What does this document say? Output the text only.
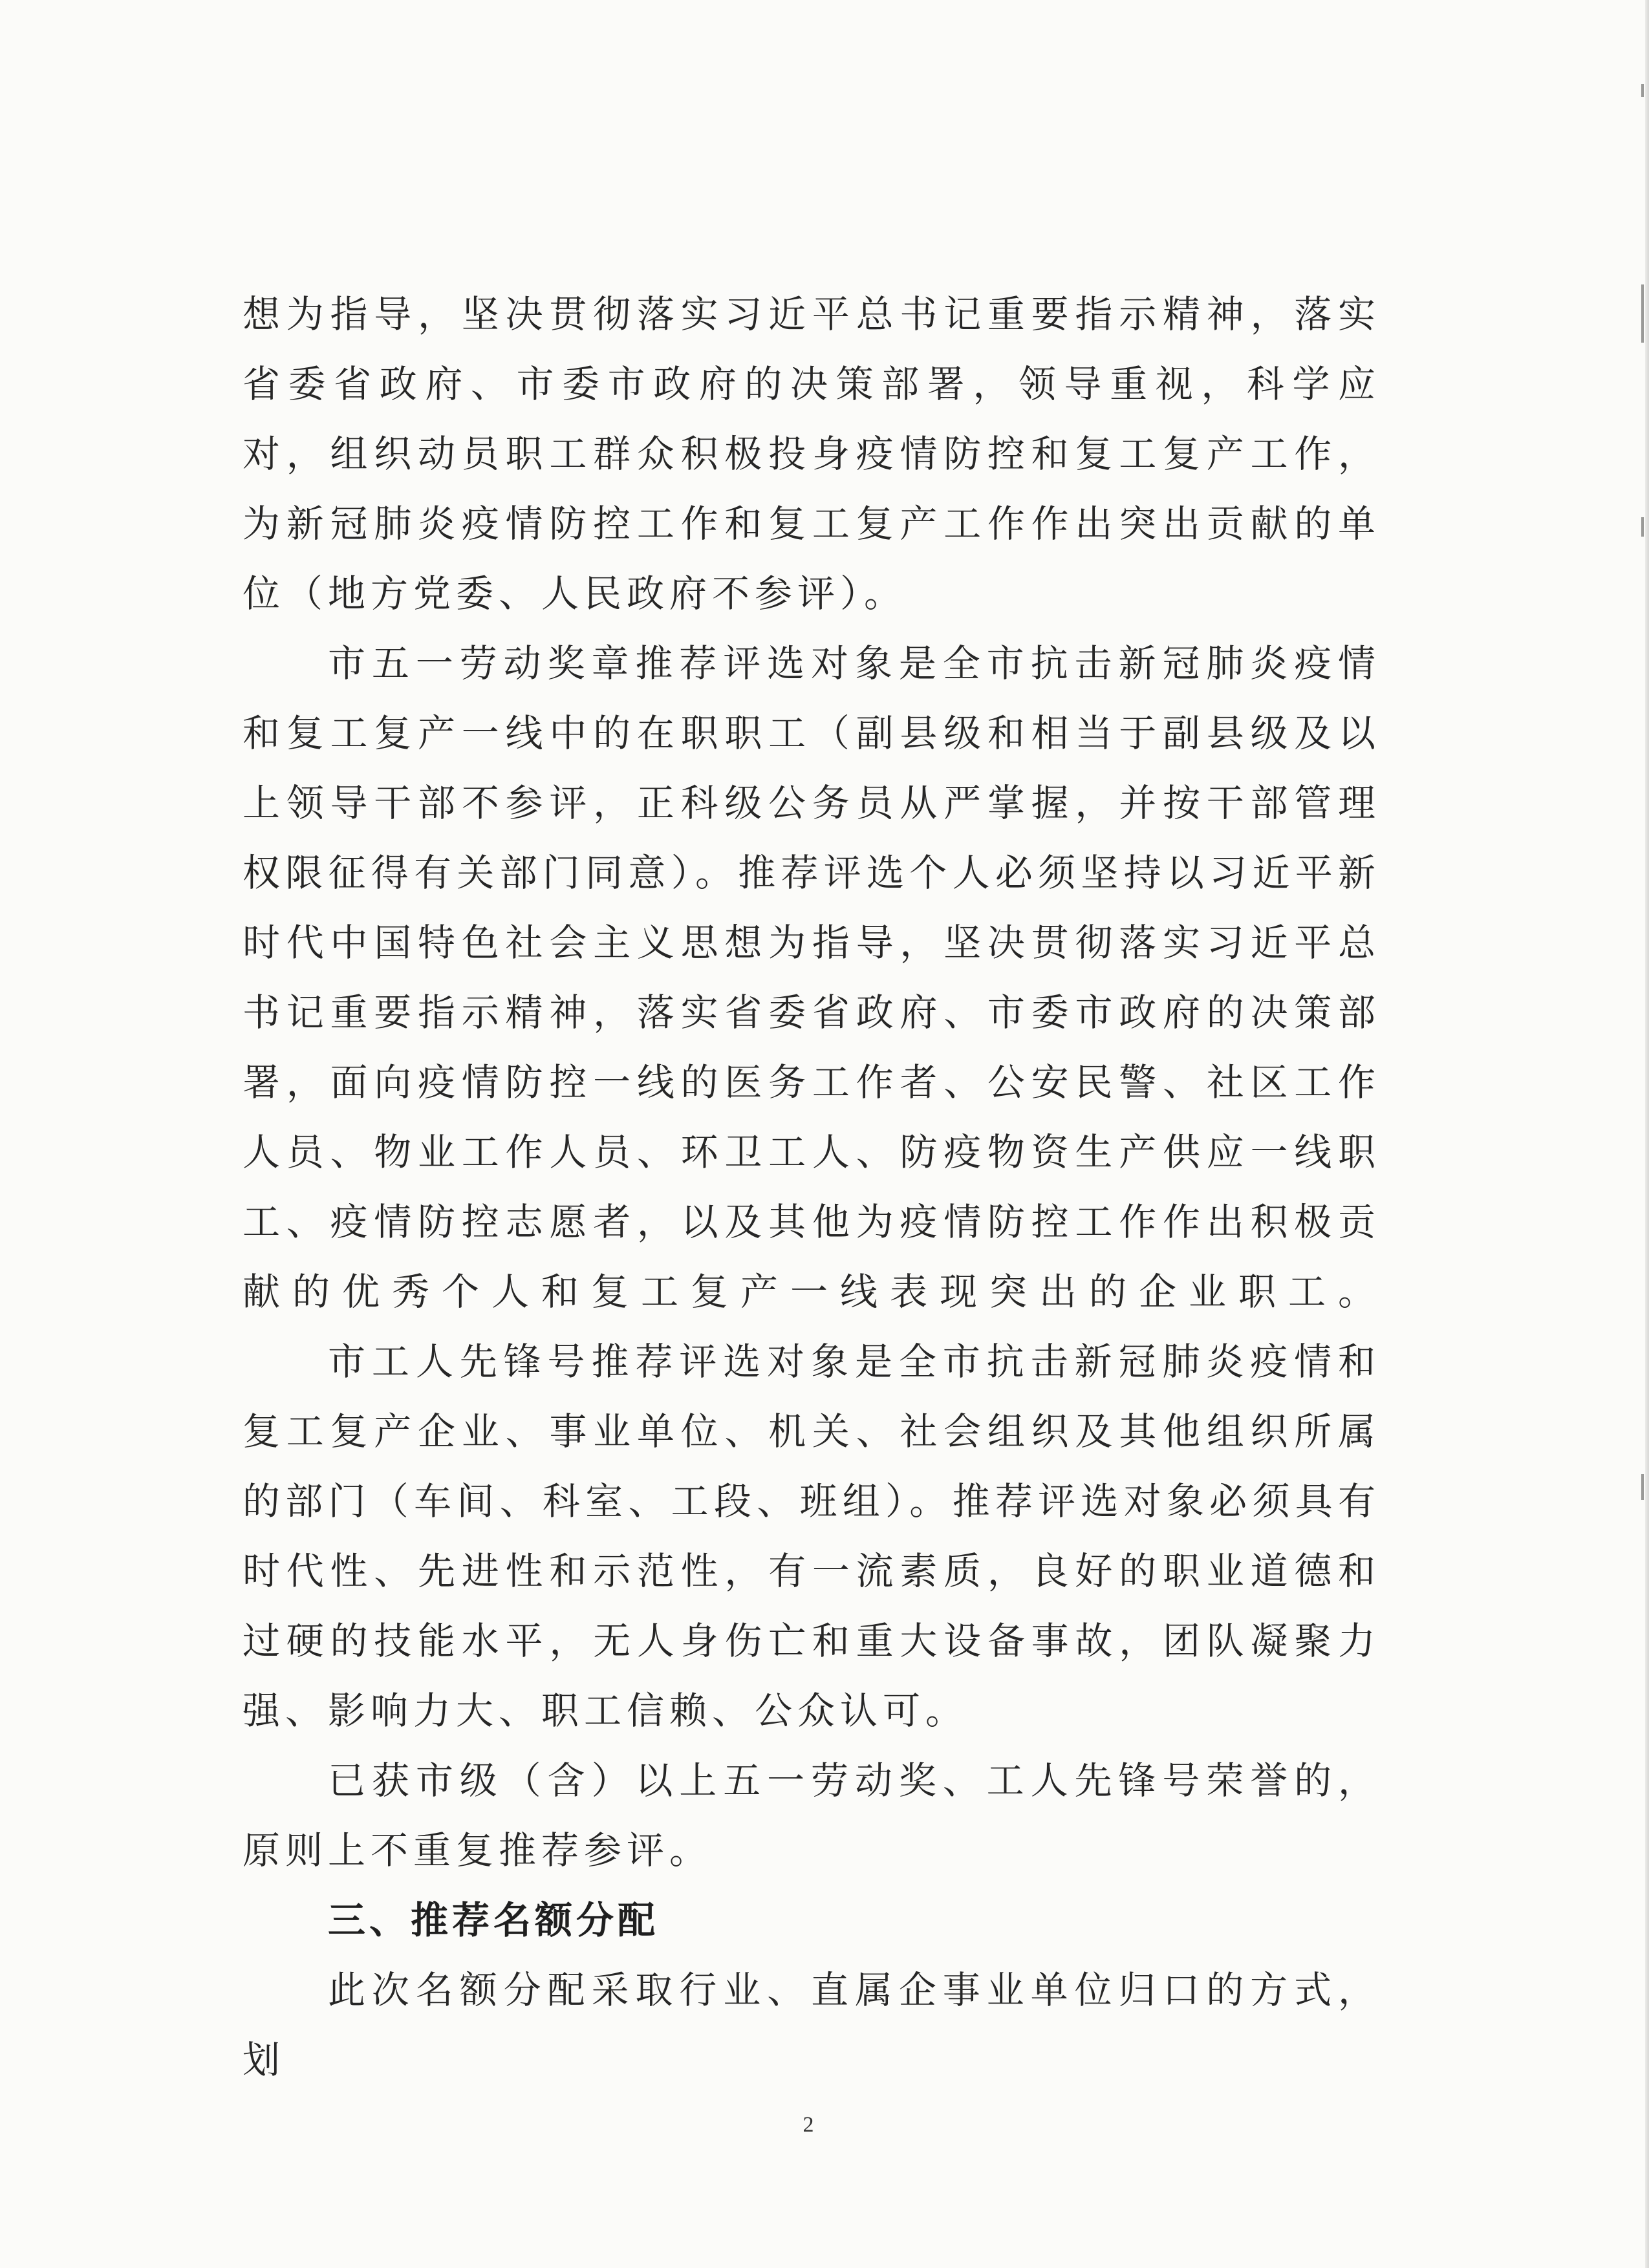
想为指导，坚决贯彻落实习近平总书记重要指示精神，落实省委省政府、市委市政府的决策部署，领导重视，科学应对，组织动员职工群众积极投身疫情防控和复工复产工作，为新冠肺炎疫情防控工作和复工复产工作作出突出贡献的单位（地方党委、人民政府不参评）。

市五一劳动奖章推荐评选对象是全市抗击新冠肺炎疫情和复工复产一线中的在职职工（副县级和相当于副县级及以上领导干部不参评，正科级公务员从严掌握，并按干部管理权限征得有关部门同意）。推荐评选个人必须坚持以习近平新时代中国特色社会主义思想为指导，坚决贯彻落实习近平总书记重要指示精神，落实省委省政府、市委市政府的决策部署，面向疫情防控一线的医务工作者、公安民警、社区工作人员、物业工作人员、环卫工人、防疫物资生产供应一线职工、疫情防控志愿者，以及其他为疫情防控工作作出积极贡献的优秀个人和复工复产一线表现突出的企业职工。

市工人先锋号推荐评选对象是全市抗击新冠肺炎疫情和复工复产企业、事业单位、机关、社会组织及其他组织所属的部门（车间、科室、工段、班组）。推荐评选对象必须具有时代性、先进性和示范性，有一流素质，良好的职业道德和过硬的技能水平，无人身伤亡和重大设备事故，团队凝聚力强、影响力大、职工信赖、公众认可。

已获市级（含）以上五一劳动奖、工人先锋号荣誉的，原则上不重复推荐参评。

三、推荐名额分配

此次名额分配采取行业、直属企事业单位归口的方式，划

2
